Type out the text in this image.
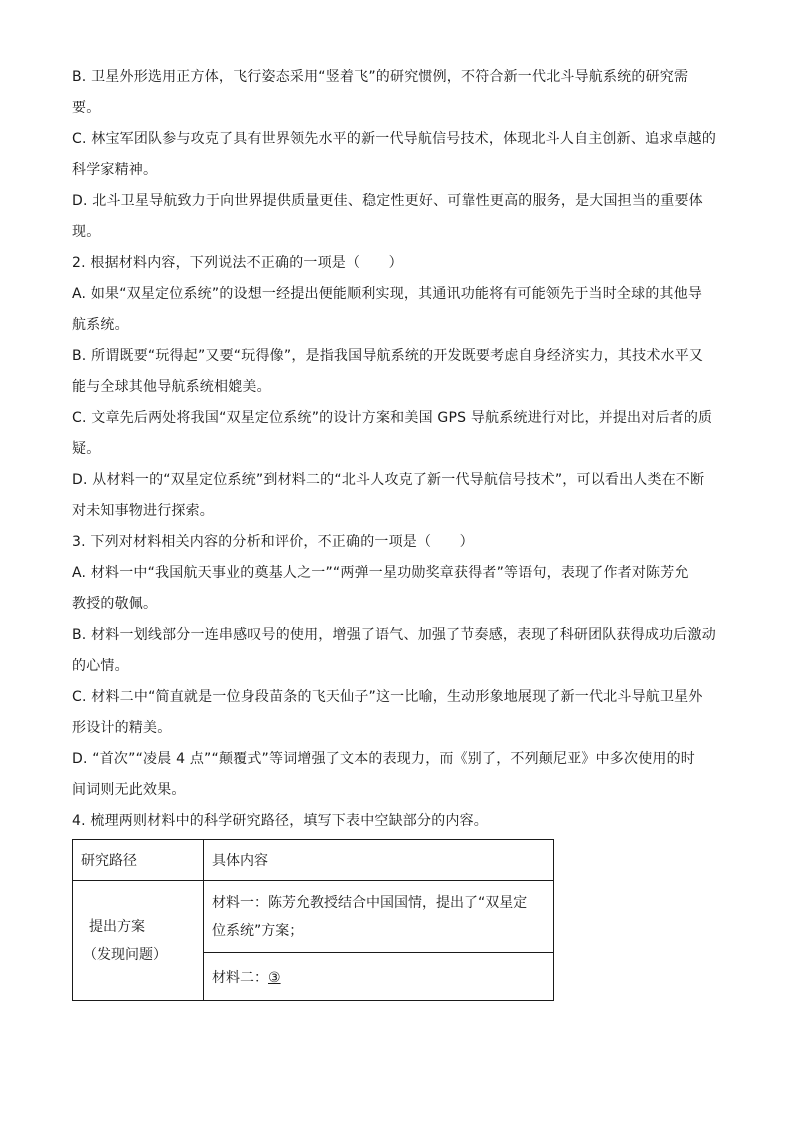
B. 卫星外形选用正方体，飞行姿态采用“竖着飞”的研究惯例，不符合新一代北斗导航系统的研究需
要。
C. 林宝军团队参与攻克了具有世界领先水平的新一代导航信号技术，体现北斗人自主创新、追求卓越的
科学家精神。
D. 北斗卫星导航致力于向世界提供质量更佳、稳定性更好、可靠性更高的服务，是大国担当的重要体
现。
2. 根据材料内容，下列说法不正确的一项是（　　）
A. 如果“双星定位系统”的设想一经提出便能顺利实现，其通讯功能将有可能领先于当时全球的其他导
航系统。
B. 所谓既要“玩得起”又要“玩得像”，是指我国导航系统的开发既要考虑自身经济实力，其技术水平又
能与全球其他导航系统相媲美。
C. 文章先后两处将我国“双星定位系统”的设计方案和美国 GPS 导航系统进行对比，并提出对后者的质
疑。
D. 从材料一的“双星定位系统”到材料二的“北斗人攻克了新一代导航信号技术”，可以看出人类在不断
对未知事物进行探索。
3. 下列对材料相关内容的分析和评价，不正确的一项是（　　）
A. 材料一中“我国航天事业的奠基人之一”“两弹一星功勋奖章获得者”等语句，表现了作者对陈芳允
教授的敬佩。
B. 材料一划线部分一连串感叹号的使用，增强了语气、加强了节奏感，表现了科研团队获得成功后激动
的心情。
C. 材料二中“简直就是一位身段苗条的飞天仙子”这一比喻，生动形象地展现了新一代北斗导航卫星外
形设计的精美。
D. “首次”“凌晨 4 点”“颠覆式”等词增强了文本的表现力，而《别了，不列颠尼亚》中多次使用的时
间词则无此效果。
4. 梳理两则材料中的科学研究路径，填写下表中空缺部分的内容。
研究路径	具体内容

提出方案
（发现问题）	材料一：陈芳允教授结合中国国情，提出了“双星定
位系统”方案；

	材料二：③
